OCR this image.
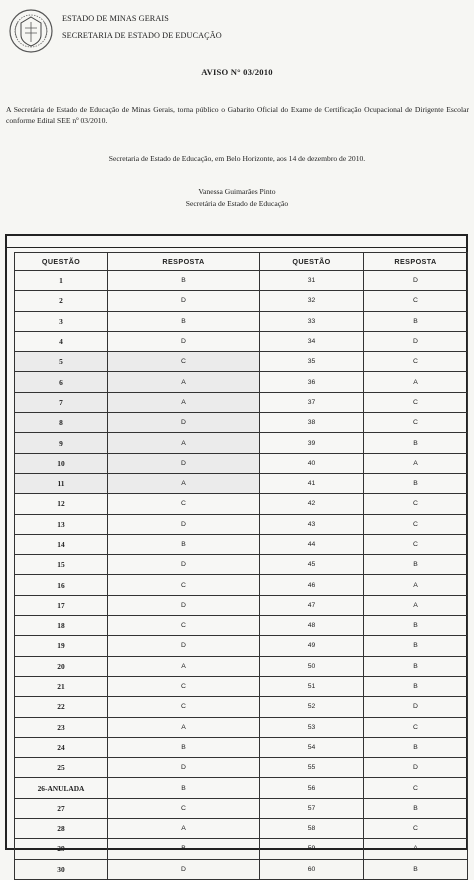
ESTADO DE MINAS GERAIS
SECRETARIA DE ESTADO DE EDUCAÇÃO
AVISO N° 03/2010
A Secretária de Estado de Educação de Minas Gerais, torna público o Gabarito Oficial do Exame de Certificação Ocupacional de Dirigente Escolar conforme Edital SEE nº 03/2010.
Secretaria de Estado de Educação, em Belo Horizonte, aos 14 de dezembro de 2010.
Vanessa Guimarães Pinto
Secretária de Estado de Educação
QUESTÃO	RESPOSTA	QUESTÃO	RESPOSTA
1	B	31	D
2	D	32	C
3	B	33	B
4	D	34	D
5	C	35	C
6	A	36	A
7	A	37	C
8	D	38	C
9	A	39	B
10	D	40	A
11	A	41	B
12	C	42	C
13	D	43	C
14	B	44	C
15	D	45	B
16	C	46	A
17	D	47	A
18	C	48	B
19	D	49	B
20	A	50	B
21	C	51	B
22	C	52	D
23	A	53	C
24	B	54	B
25	D	55	D
26-ANULADA	B	56	C
27	C	57	B
28	A	58	C
29	B	59	A
30	D	60	B
